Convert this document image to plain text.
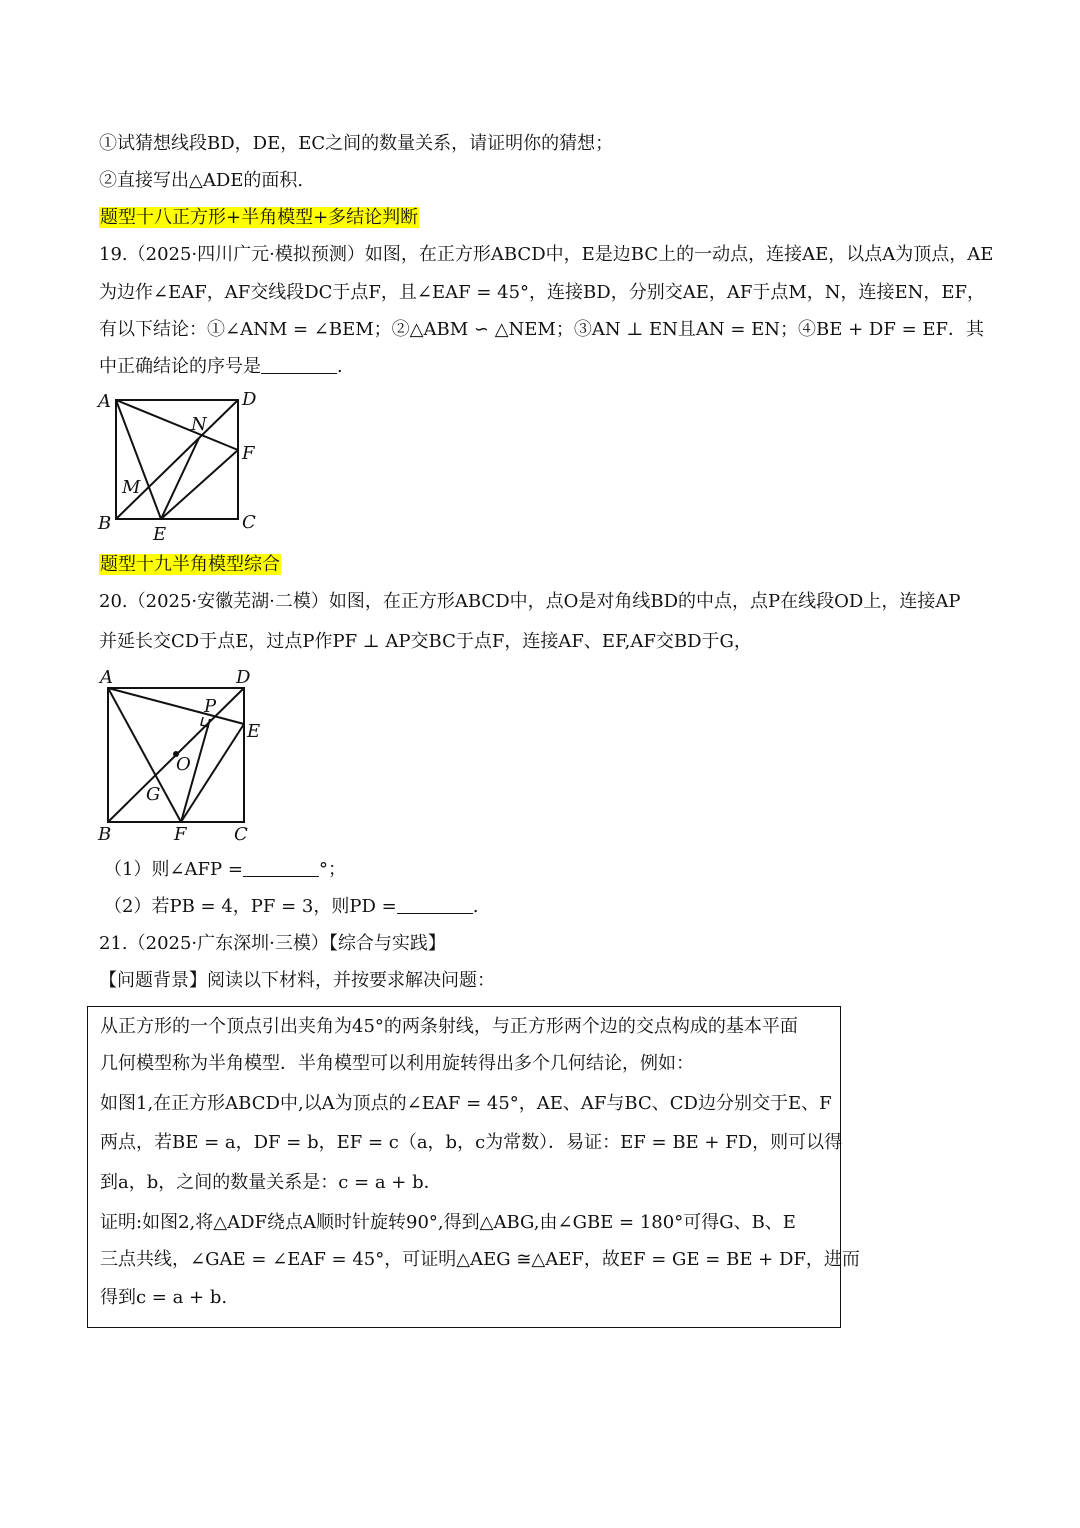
①试猜想线段BD，DE，EC之间的数量关系，请证明你的猜想；
②直接写出△ADE的面积.
题型十八正方形+半角模型+多结论判断
19.（2025·四川广元·模拟预测）如图，在正方形ABCD中，E是边BC上的一动点，连接AE，以点A为顶点，AE
为边作∠EAF，AF交线段DC于点F，且∠EAF = 45°，连接BD，分别交AE，AF于点M，N，连接EN，EF，
有以下结论：①∠ANM = ∠BEM；②△ABM ∽ △NEM；③AN ⊥ EN且AN = EN；④BE + DF = EF．其
中正确结论的序号是	.
A	D
N
F
M
B	C
E
题型十九半角模型综合
20.（2025·安徽芜湖·二模）如图，在正方形ABCD中，点O是对角线BD的中点，点P在线段OD上，连接AP
并延长交CD于点E，过点P作PF ⊥ AP交BC于点F，连接AF、EF,AF交BD于G，
A	D
P
E
O
G
B	F	C
（1）则∠AFP =	°；
（2）若PB = 4，PF = 3，则PD =	.
21.（2025·广东深圳·三模）【综合与实践】
【问题背景】阅读以下材料，并按要求解决问题：
从正方形的一个顶点引出夹角为45°的两条射线，与正方形两个边的交点构成的基本平面
几何模型称为半角模型．半角模型可以利用旋转得出多个几何结论，例如：
如图1,在正方形ABCD中,以A为顶点的∠EAF = 45°，AE、AF与BC、CD边分别交于E、F
两点，若BE = a，DF = b，EF = c（a，b，c为常数）．易证：EF = BE + FD，则可以得
到a，b，之间的数量关系是：c = a + b．
证明:如图2,将△ADF绕点A顺时针旋转90°,得到△ABG,由∠GBE = 180°可得G、B、E
三点共线，∠GAE = ∠EAF = 45°，可证明△AEG ≅△AEF，故EF = GE = BE + DF，进而
得到c = a + b.
